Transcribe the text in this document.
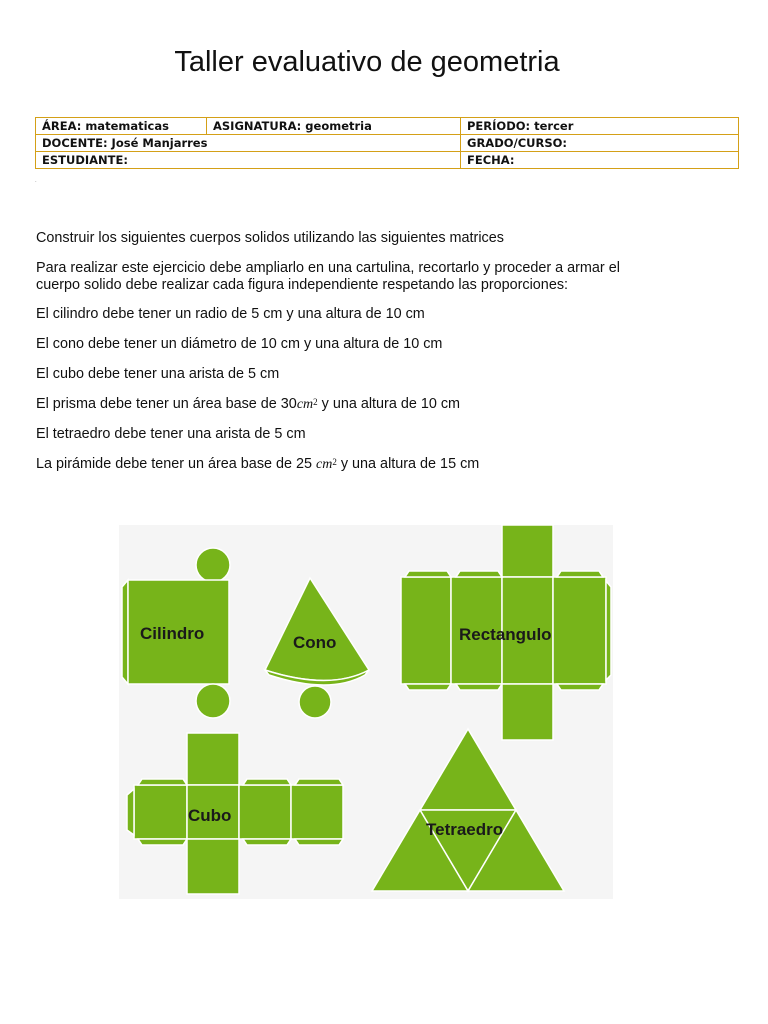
Taller evaluativo de geometria
ÁREA: matematicas	ASIGNATURA: geometria	PERÍODO: tercer
DOCENTE: José Manjarres		GRADO/CURSO:
ESTUDIANTE:		FECHA:
.

Construir los siguientes cuerpos solidos utilizando las siguientes matrices

Para realizar este ejercicio debe ampliarlo en una cartulina, recortarlo y proceder a armar el
cuerpo solido debe realizar cada figura independiente respetando las proporciones:

El cilindro debe tener un radio de 5 cm y una altura de 10 cm

El cono debe tener un diámetro de 10 cm y una altura de 10 cm

El cubo debe tener una arista de 5 cm

El prisma debe tener un área base de $30cm^2$ y una altura de 10 cm

El tetraedro debe tener una arista de 5 cm

La pirámide debe tener un área base de 25 $cm^2$ y una altura de 15 cm

Cilindro	Cono	Rectangulo
Cubo
Tetraedro
